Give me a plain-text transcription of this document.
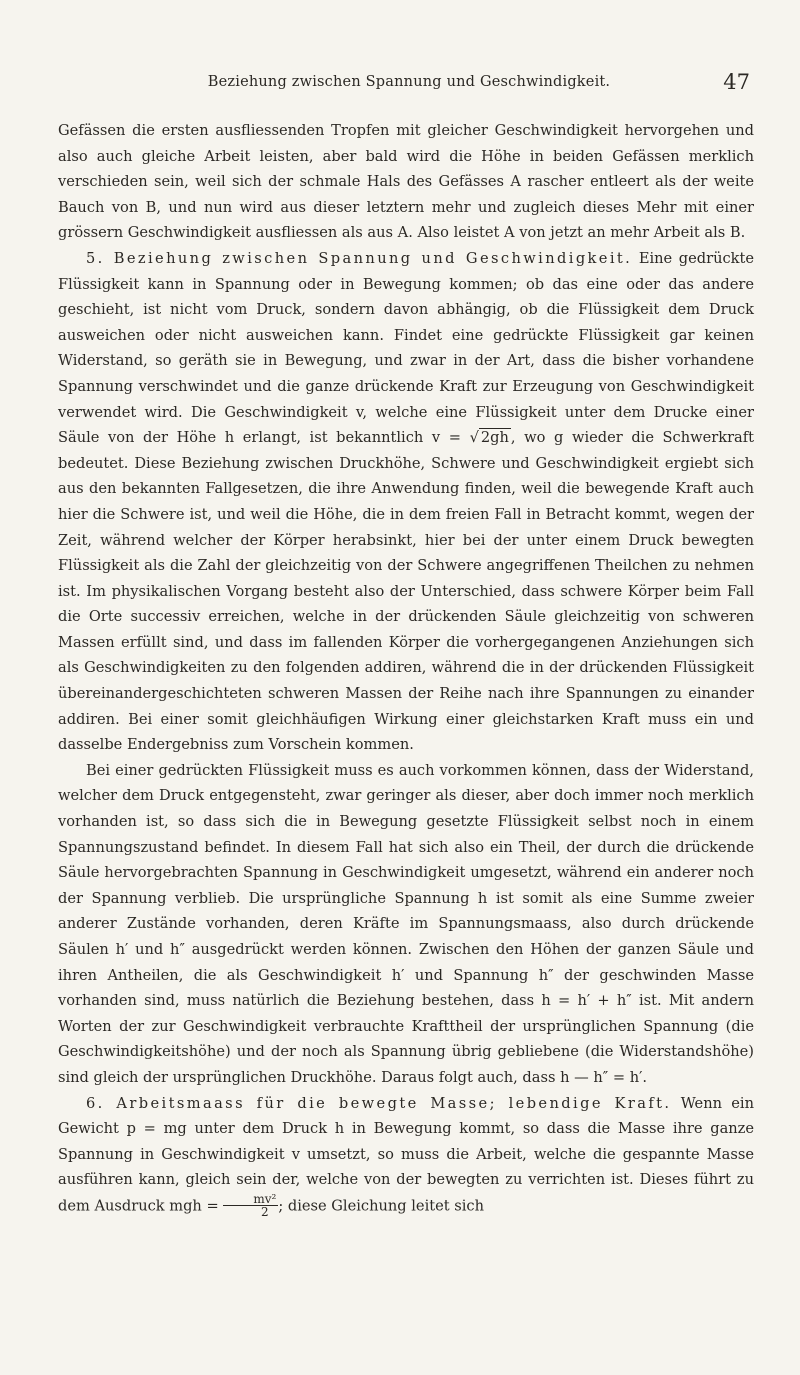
Beziehung zwischen Spannung und Geschwindigkeit.	47

Gefässen die ersten ausfliessenden Tropfen mit gleicher Geschwindigkeit hervorgehen und also auch gleiche Arbeit leisten, aber bald wird die Höhe in beiden Gefässen merklich verschieden sein, weil sich der schmale Hals des Gefässes A rascher entleert als der weite Bauch von B, und nun wird aus dieser letztern mehr und zugleich dieses Mehr mit einer grössern Geschwindigkeit ausfliessen als aus A. Also leistet A von jetzt an mehr Arbeit als B.

5. Beziehung zwischen Spannung und Geschwindigkeit. Eine gedrückte Flüssigkeit kann in Spannung oder in Bewegung kommen; ob das eine oder das andere geschieht, ist nicht vom Druck, sondern davon abhängig, ob die Flüssigkeit dem Druck ausweichen oder nicht ausweichen kann. Findet eine gedrückte Flüssigkeit gar keinen Widerstand, so geräth sie in Bewegung, und zwar in der Art, dass die bisher vorhandene Spannung verschwindet und die ganze drückende Kraft zur Erzeugung von Geschwindigkeit verwendet wird. Die Geschwindigkeit v, welche eine Flüssigkeit unter dem Drucke einer Säule von der Höhe h erlangt, ist bekanntlich v = √ 2gh , wo g wieder die Schwerkraft bedeutet. Diese Beziehung zwischen Druckhöhe, Schwere und Geschwindigkeit ergiebt sich aus den bekannten Fallgesetzen, die ihre Anwendung finden, weil die bewegende Kraft auch hier die Schwere ist, und weil die Höhe, die in dem freien Fall in Betracht kommt, wegen der Zeit, während welcher der Körper herabsinkt, hier bei der unter einem Druck bewegten Flüssigkeit als die Zahl der gleichzeitig von der Schwere angegriffenen Theilchen zu nehmen ist. Im physikalischen Vorgang besteht also der Unterschied, dass schwere Körper beim Fall die Orte successiv erreichen, welche in der drückenden Säule gleichzeitig von schweren Massen erfüllt sind, und dass im fallenden Körper die vorhergegangenen Anziehungen sich als Geschwindigkeiten zu den folgenden addiren, während die in der drückenden Flüssigkeit übereinandergeschichteten schweren Massen der Reihe nach ihre Spannungen zu einander addiren. Bei einer somit gleichhäufigen Wirkung einer gleichstarken Kraft muss ein und dasselbe Endergebniss zum Vorschein kommen.

Bei einer gedrückten Flüssigkeit muss es auch vorkommen können, dass der Widerstand, welcher dem Druck entgegensteht, zwar geringer als dieser, aber doch immer noch merklich vorhanden ist, so dass sich die in Bewegung gesetzte Flüssigkeit selbst noch in einem Spannungszustand befindet. In diesem Fall hat sich also ein Theil, der durch die drückende Säule hervorgebrachten Spannung in Geschwindigkeit umgesetzt, während ein anderer noch der Spannung verblieb. Die ursprüngliche Spannung h ist somit als eine Summe zweier anderer Zustände vorhanden, deren Kräfte im Spannungsmaass, also durch drückende Säulen h′ und h″ ausgedrückt werden können. Zwischen den Höhen der ganzen Säule und ihren Antheilen, die als Geschwindigkeit h′ und Spannung h″ der geschwinden Masse vorhanden sind, muss natürlich die Beziehung bestehen, dass h = h′ + h″ ist. Mit andern Worten der zur Geschwindigkeit verbrauchte Krafttheil der ursprünglichen Spannung (die Geschwindigkeitshöhe) und der noch als Spannung übrig gebliebene (die Widerstandshöhe) sind gleich der ursprünglichen Druckhöhe. Daraus folgt auch, dass h — h″ = h′.

6. Arbeitsmaass für die bewegte Masse; lebendige Kraft. Wenn ein Gewicht p = mg unter dem Druck h in Bewegung kommt, so dass die Masse ihre ganze Spannung in Geschwindigkeit v umsetzt, so muss die Arbeit, welche die gespannte Masse ausführen kann, gleich sein der, welche von der bewegten zu verrichten ist. Dieses führt zu dem Ausdruck mgh = $\frac{\text{mv²}}{2}$ ; diese Gleichung leitet sich
